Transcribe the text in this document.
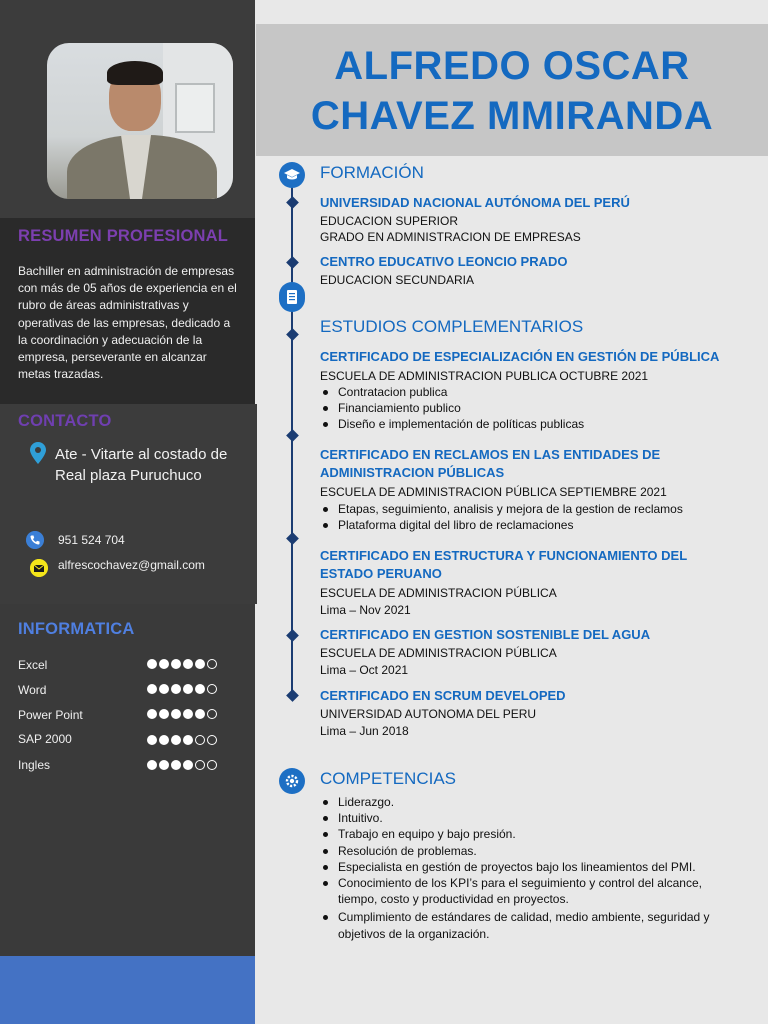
RESUMEN PROFESIONAL
Bachiller en administración de empresas con más de 05 años de experiencia en el rubro de áreas administrativas y operativas de las empresas, dedicado a la coordinación y adecuación de la empresa, perseverante en alcanzar metas trazadas.
CONTACTO
Ate - Vitarte al costado de Real plaza Puruchuco
951 524 704
alfrescochavez@gmail.com
INFORMATICA
Excel
Word
Power Point
SAP 2000
Ingles
ALFREDO OSCAR
CHAVEZ MMIRANDA
FORMACIÓN
UNIVERSIDAD NACIONAL AUTÓNOMA DEL PERÚ
EDUCACION SUPERIOR
GRADO EN ADMINISTRACION DE EMPRESAS
CENTRO EDUCATIVO LEONCIO PRADO
EDUCACION SECUNDARIA
ESTUDIOS COMPLEMENTARIOS
CERTIFICADO DE ESPECIALIZACIÓN EN GESTIÓN DE PÚBLICA
ESCUELA DE ADMINISTRACION PUBLICA OCTUBRE 2021
Contratacion publica
Financiamiento publico
Diseño e implementación de políticas publicas
CERTIFICADO EN RECLAMOS EN LAS ENTIDADES DE ADMINISTRACION PÚBLICAS
ESCUELA DE ADMINISTRACION PÚBLICA SEPTIEMBRE 2021
Etapas, seguimiento, analisis y mejora de la gestion de reclamos
Plataforma digital del libro de reclamaciones
CERTIFICADO EN ESTRUCTURA Y FUNCIONAMIENTO DEL ESTADO PERUANO
ESCUELA DE ADMINISTRACION PÚBLICA
Lima – Nov 2021
CERTIFICADO EN GESTION SOSTENIBLE DEL AGUA
ESCUELA DE ADMINISTRACION PÚBLICA
Lima – Oct 2021
CERTIFICADO EN SCRUM DEVELOPED
UNIVERSIDAD AUTONOMA DEL PERU
Lima – Jun 2018
COMPETENCIAS
Liderazgo.
Intuitivo.
Trabajo en equipo y bajo presión.
Resolución de problemas.
Especialista en gestión de proyectos bajo los lineamientos del PMI.
Conocimiento de los KPI’s para el seguimiento y control del alcance, tiempo, costo y productividad en proyectos.
Cumplimiento de estándares de calidad, medio ambiente, seguridad y objetivos de la organización.
